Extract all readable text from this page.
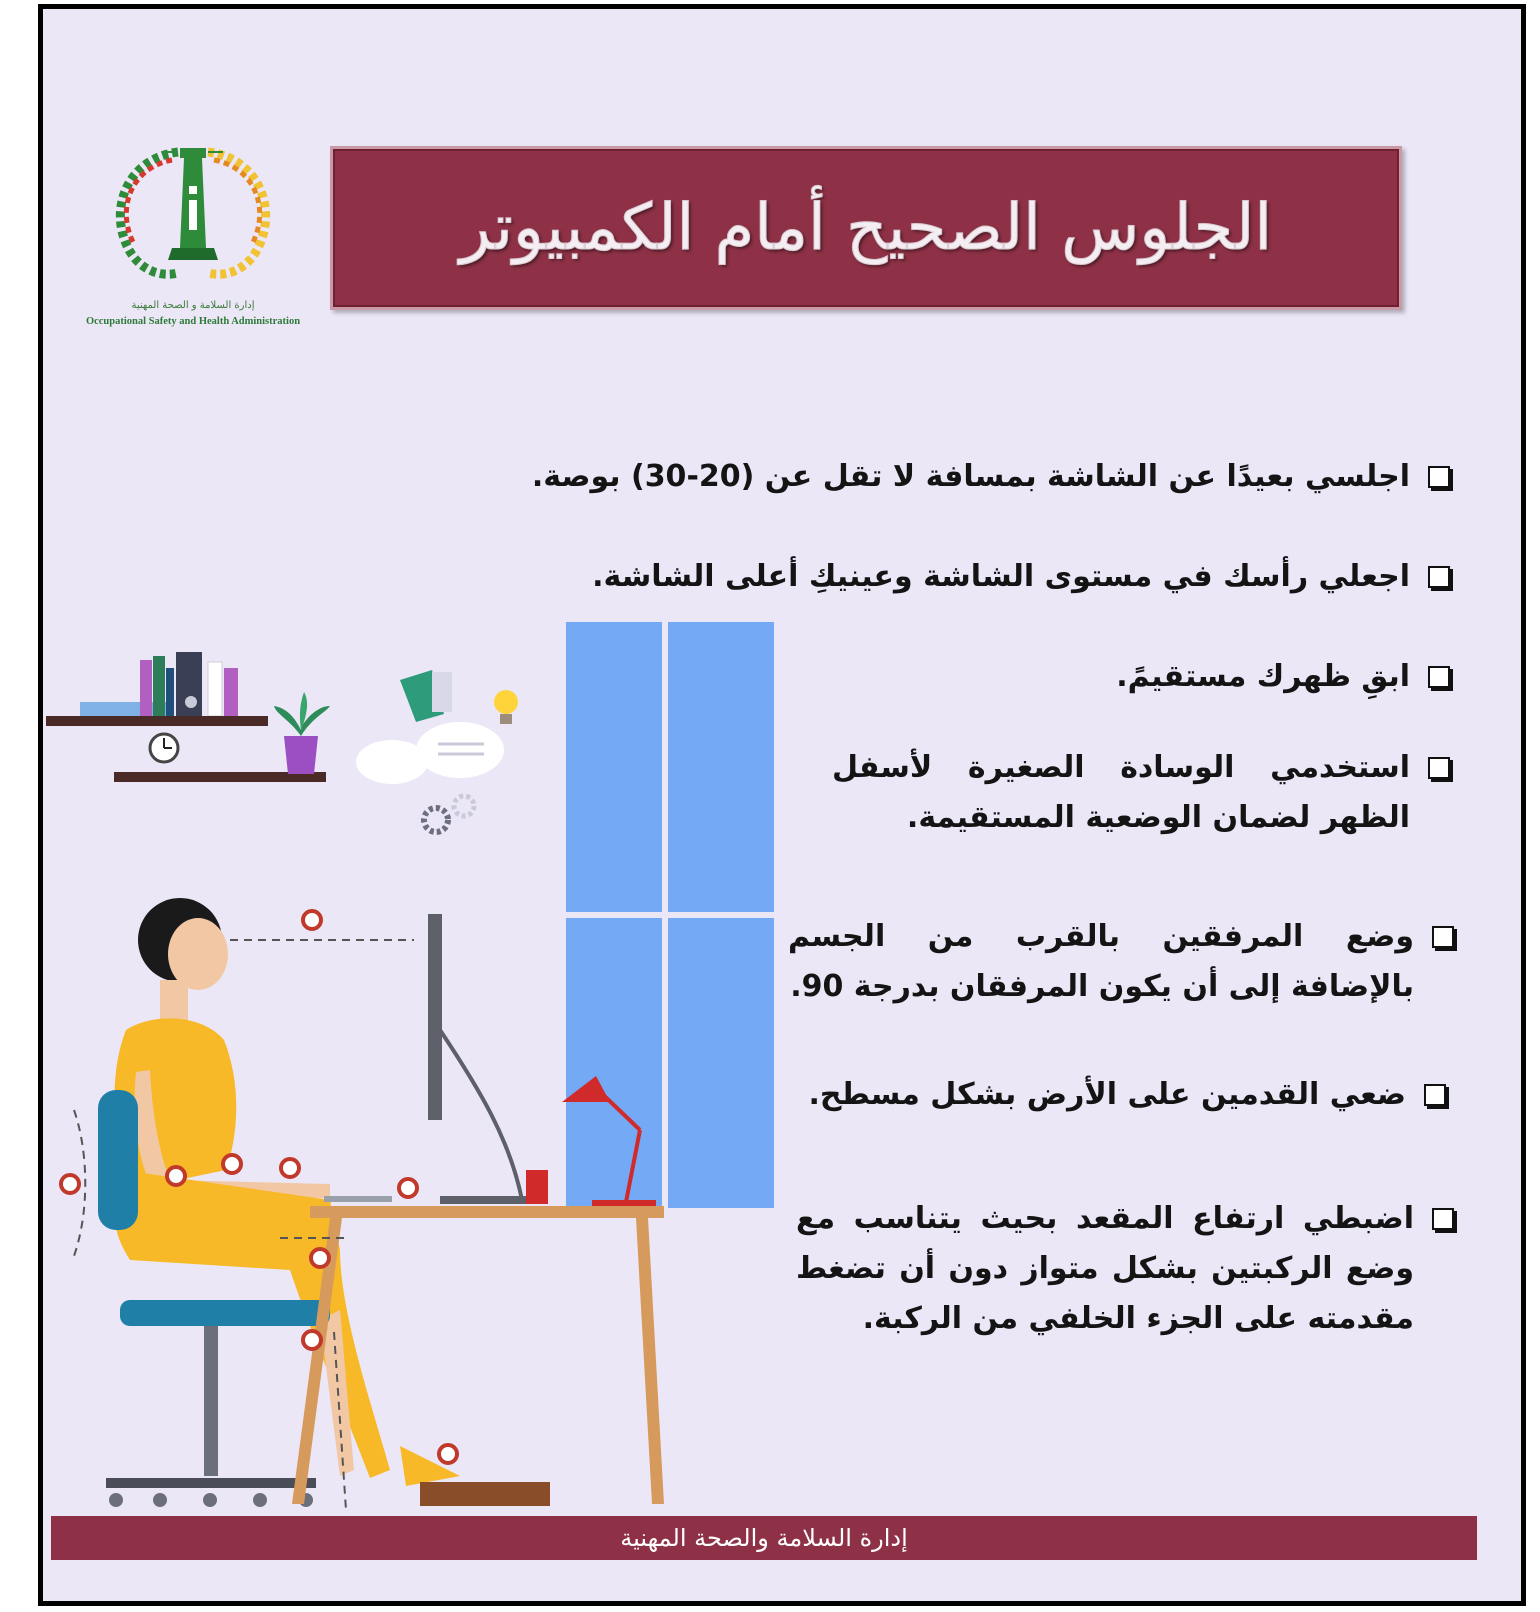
إدارة السلامة و الصحة المهنية
Occupational Safety and Health Administration
الجلوس الصحيح أمام الكمبيوتر
اجلسي بعيدًا عن الشاشة بمسافة لا تقل عن (20-30) بوصة.
اجعلي رأسك في مستوى الشاشة وعينيكِ أعلى الشاشة.
ابقِ ظهرك مستقيمً.
استخدمي الوسادة الصغيرة لأسفل الظهر لضمان الوضعية المستقيمة.
وضع المرفقين بالقرب من الجسم بالإضافة إلى أن يكون المرفقان بدرجة 90.
ضعي القدمين على الأرض بشكل مسطح.
اضبطي ارتفاع المقعد بحيث يتناسب مع وضع الركبتين بشكل متواز دون أن تضغط مقدمته على الجزء الخلفي من الركبة.
إدارة السلامة والصحة المهنية
